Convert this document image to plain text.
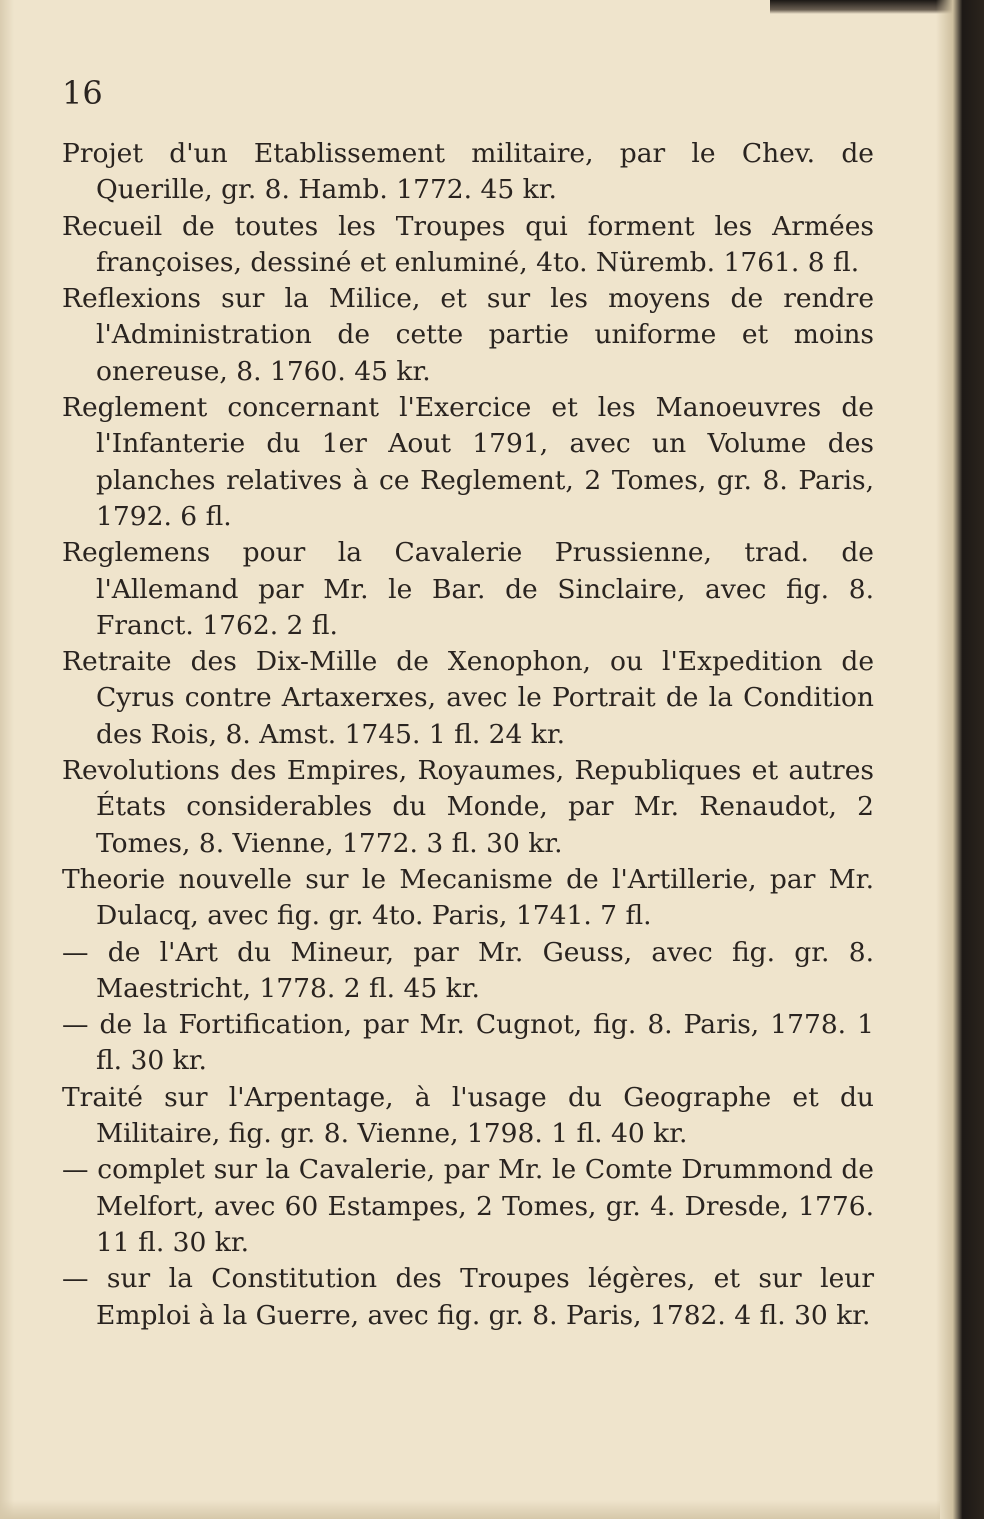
16

Projet d'un Etablissement militaire, par le Chev. de Querille, gr. 8. Hamb. 1772. 45 kr.

Recueil de toutes les Troupes qui forment les Armées françoises, dessiné et enluminé, 4to. Nüremb. 1761. 8 fl.

Reflexions sur la Milice, et sur les moyens de rendre l'Administration de cette partie uniforme et moins onereuse, 8. 1760. 45 kr.

Reglement concernant l'Exercice et les Manoeuvres de l'Infanterie du 1er Aout 1791, avec un Volume des planches relatives à ce Reglement, 2 Tomes, gr. 8. Paris, 1792. 6 fl.

Reglemens pour la Cavalerie Prussienne, trad. de l'Allemand par Mr. le Bar. de Sinclaire, avec fig. 8. Franct. 1762. 2 fl.

Retraite des Dix-Mille de Xenophon, ou l'Expedition de Cyrus contre Artaxerxes, avec le Portrait de la Condition des Rois, 8. Amst. 1745. 1 fl. 24 kr.

Revolutions des Empires, Royaumes, Republiques et autres États considerables du Monde, par Mr. Renaudot, 2 Tomes, 8. Vienne, 1772. 3 fl. 30 kr.

Theorie nouvelle sur le Mecanisme de l'Artillerie, par Mr. Dulacq, avec fig. gr. 4to. Paris, 1741. 7 fl.

— de l'Art du Mineur, par Mr. Geuss, avec fig. gr. 8. Maestricht, 1778. 2 fl. 45 kr.

— de la Fortification, par Mr. Cugnot, fig. 8. Paris, 1778. 1 fl. 30 kr.

Traité sur l'Arpentage, à l'usage du Geographe et du Militaire, fig. gr. 8. Vienne, 1798. 1 fl. 40 kr.

— complet sur la Cavalerie, par Mr. le Comte Drummond de Melfort, avec 60 Estampes, 2 Tomes, gr. 4. Dresde, 1776. 11 fl. 30 kr.

— sur la Constitution des Troupes légères, et sur leur Emploi à la Guerre, avec fig. gr. 8. Paris, 1782. 4 fl. 30 kr.
